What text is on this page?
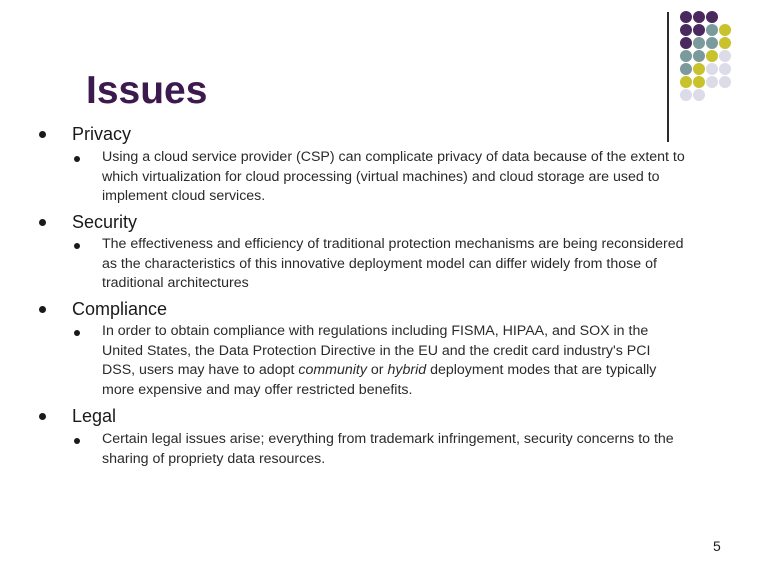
Issues
Privacy

Using a cloud service provider (CSP) can complicate privacy of data because of the extent to which virtualization for cloud processing (virtual machines) and cloud storage are used to implement cloud services.

Security

The effectiveness and efficiency of traditional protection mechanisms are being reconsidered as the characteristics of this innovative deployment model can differ widely from those of traditional architectures

Compliance

In order to obtain compliance with regulations including FISMA, HIPAA, and SOX in the United States, the Data Protection Directive in the EU and the credit card industry's PCI DSS, users may have to adopt community or hybrid deployment modes that are typically more expensive and may offer restricted benefits.

Legal

Certain legal issues arise; everything from trademark infringement, security concerns to the sharing of propriety data resources.

5
